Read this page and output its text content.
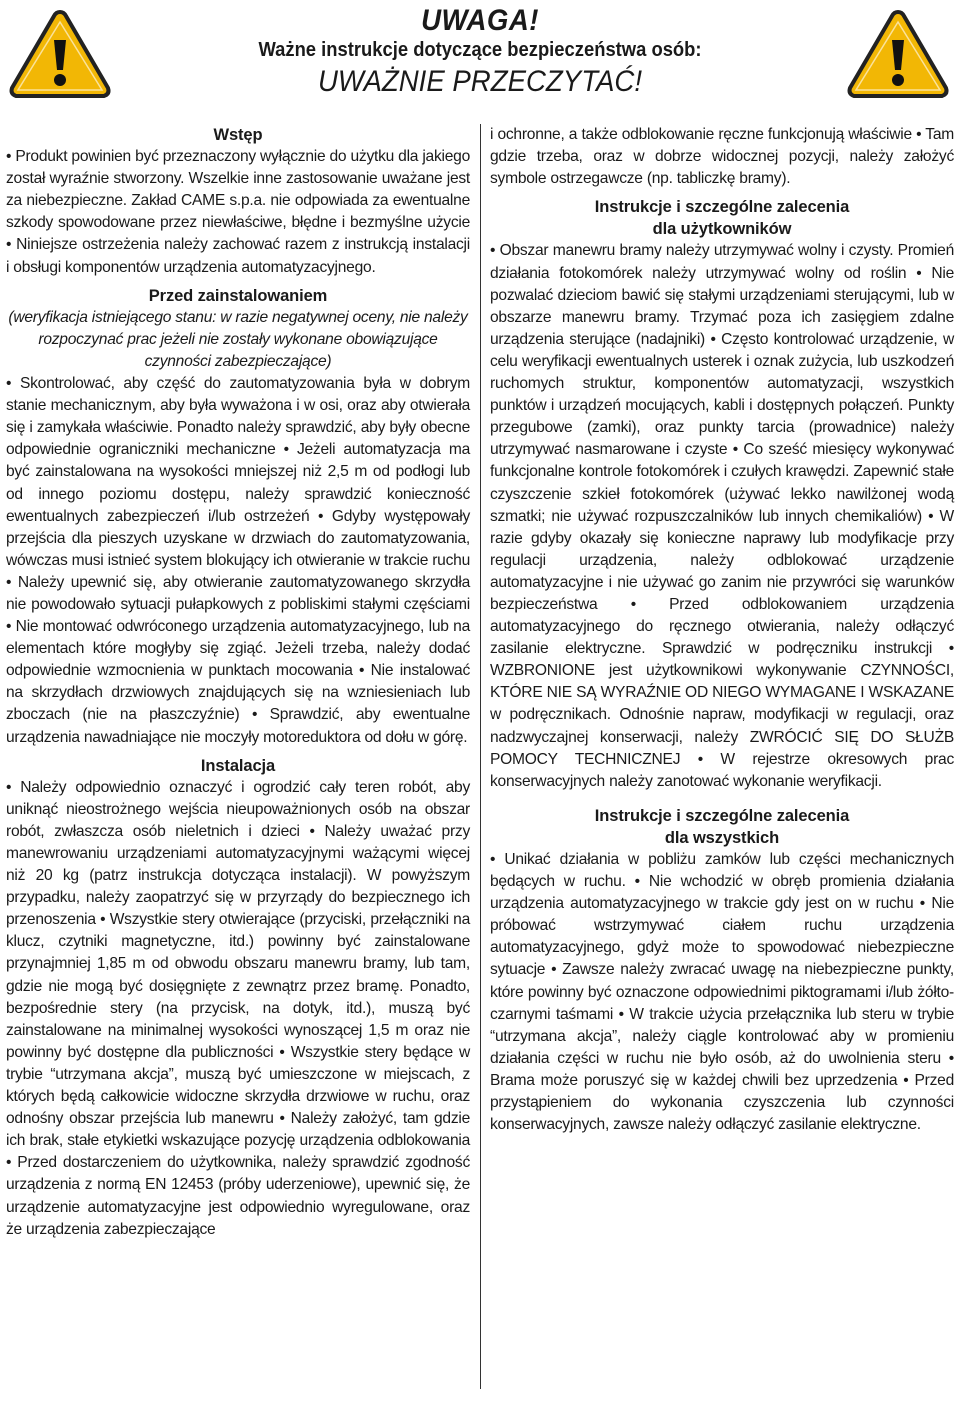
UWAGA!
Ważne instrukcje dotyczące bezpieczeństwa osób:
UWAŻNIE PRZECZYTAĆ!
Wstęp

• Produkt powinien być przeznaczony wyłącznie do użytku dla jakiego został wyraźnie stworzony. Wszelkie inne zastosowanie uważane jest za niebezpieczne. Zakład CAME s.p.a. nie odpowiada za ewentualne szkody spowodowane przez niewłaściwe, błędne i bezmyślne użycie • Niniejsze ostrzeżenia należy zachować razem z instrukcją instalacji i obsługi komponentów urządzenia automatyzacyjnego.

Przed zainstalowaniem

(weryfikacja istniejącego stanu: w razie negatywnej oceny, nie należy rozpoczynać prac jeżeli nie zostały wykonane obowiązujące czynności zabezpieczające)

• Skontrolować, aby część do zautomatyzowania była w dobrym stanie mechanicznym, aby była wyważona i w osi, oraz aby otwierała się i zamykała właściwie. Ponadto należy sprawdzić, aby były obecne odpowiednie ograniczniki mechaniczne • Jeżeli automatyzacja ma być zainstalowana na wysokości mniejszej niż 2,5 m od podłogi lub od innego poziomu dostępu, należy sprawdzić konieczność ewentualnych zabezpieczeń i/lub ostrzeżeń • Gdyby występowały przejścia dla pieszych uzyskane w drzwiach do zautomatyzowania, wówczas musi istnieć system blokujący ich otwieranie w trakcie ruchu • Należy upewnić się, aby otwieranie zautomatyzowanego skrzydła nie powodowało sytuacji pułapkowych z pobliskimi stałymi częściami • Nie montować odwróconego urządzenia automatyzacyjnego, lub na elementach które mogłyby się zgiąć. Jeżeli trzeba, należy dodać odpowiednie wzmocnienia w punktach mocowania • Nie instalować na skrzydłach drzwiowych znajdujących się na wzniesieniach lub zboczach (nie na płaszczyźnie) • Sprawdzić, aby ewentualne urządzenia nawadniające nie moczyły motoreduktora od dołu w górę.

Instalacja

• Należy odpowiednio oznaczyć i ogrodzić cały teren robót, aby uniknąć nieostrożnego wejścia nieupoważnionych osób na obszar robót, zwłaszcza osób nieletnich i dzieci • Należy uważać przy manewrowaniu urządzeniami automatyzacyjnymi ważącymi więcej niż 20 kg (patrz instrukcja dotycząca instalacji). W powyższym przypadku, należy zaopatrzyć się w przyrządy do bezpiecznego ich przenoszenia • Wszystkie stery otwierające (przyciski, przełączniki na klucz, czytniki magnetyczne, itd.) powinny być zainstalowane przynajmniej 1,85 m od obwodu obszaru manewru bramy, lub tam, gdzie nie mogą być dosięgnięte z zewnątrz przez bramę. Ponadto, bezpośrednie stery (na przycisk, na dotyk, itd.), muszą być zainstalowane na minimalnej wysokości wynoszącej 1,5 m oraz nie powinny być dostępne dla publiczności • Wszystkie stery będące w trybie “utrzymana akcja”, muszą być umieszczone w miejscach, z których będą całkowicie widoczne skrzydła drzwiowe w ruchu, oraz odnośny obszar przejścia lub manewru • Należy założyć, tam gdzie ich brak, stałe etykietki wskazujące pozycję urządzenia odblokowania • Przed dostarczeniem do użytkownika, należy sprawdzić zgodność urządzenia z normą EN 12453 (próby uderzeniowe), upewnić się, że urządzenie automatyzacyjne jest odpowiednio wyregulowane, oraz że urządzenia zabezpieczające

i ochronne, a także odblokowanie ręczne funkcjonują właściwie • Tam gdzie trzeba, oraz w dobrze widocznej pozycji, należy założyć symbole ostrzegawcze (np. tabliczkę bramy).

Instrukcje i szczególne zalecenia
dla użytkowników

• Obszar manewru bramy należy utrzymywać wolny i czysty. Promień działania fotokomórek należy utrzymywać wolny od roślin • Nie pozwalać dzieciom bawić się stałymi urządzeniami sterującymi, lub w obszarze manewru bramy. Trzymać poza ich zasięgiem zdalne urządzenia sterujące (nadajniki) • Często kontrolować urządzenie, w celu weryfikacji ewentualnych usterek i oznak zużycia, lub uszkodzeń ruchomych struktur, komponentów automatyzacji, wszystkich punktów i urządzeń mocujących, kabli i dostępnych połączeń. Punkty przegubowe (zamki), oraz punkty tarcia (prowadnice) należy utrzymywać nasmarowane i czyste • Co sześć miesięcy wykonywać funkcjonalne kontrole fotokomórek i czułych krawędzi. Zapewnić stałe czyszczenie szkieł fotokomórek (używać lekko nawilżonej wodą szmatki; nie używać rozpuszczalników lub innych chemikaliów) • W razie gdyby okazały się konieczne naprawy lub modyfikacje przy regulacji urządzenia, należy odblokować urządzenie automatyzacyjne i nie używać go zanim nie przywróci się warunków bezpieczeństwa • Przed odblokowaniem urządzenia automatyzacyjnego do ręcznego otwierania, należy odłączyć zasilanie elektryczne. Sprawdzić w podręczniku instrukcji • WZBRONIONE jest użytkownikowi wykonywanie CZYNNOŚCI, KTÓRE NIE SĄ WYRAŹNIE OD NIEGO WYMAGANE I WSKAZANE w podręcznikach. Odnośnie napraw, modyfikacji w regulacji, oraz nadzwyczajnej konserwacji, należy ZWRÓCIĆ SIĘ DO SŁUŻB POMOCY TECHNICZNEJ • W rejestrze okresowych prac konserwacyjnych należy zanotować wykonanie weryfikacji.

Instrukcje i szczególne zalecenia
dla wszystkich

• Unikać działania w pobliżu zamków lub części mechanicznych będących w ruchu. • Nie wchodzić w obręb promienia działania urządzenia automatyzacyjnego w trakcie gdy jest on w ruchu • Nie próbować wstrzymywać ciałem ruchu urządzenia automatyzacyjnego, gdyż może to spowodować niebezpieczne sytuacje • Zawsze należy zwracać uwagę na niebezpieczne punkty, które powinny być oznaczone odpowiednimi piktogramami i/lub żółto-czarnymi taśmami • W trakcie użycia przełącznika lub steru w trybie “utrzymana akcja”, należy ciągle kontrolować aby w promieniu działania części w ruchu nie było osób, aż do uwolnienia steru • Brama może poruszyć się w każdej chwili bez uprzedzenia • Przed przystąpieniem do wykonania czyszczenia lub czynności konserwacyjnych, zawsze należy odłączyć zasilanie elektryczne.
